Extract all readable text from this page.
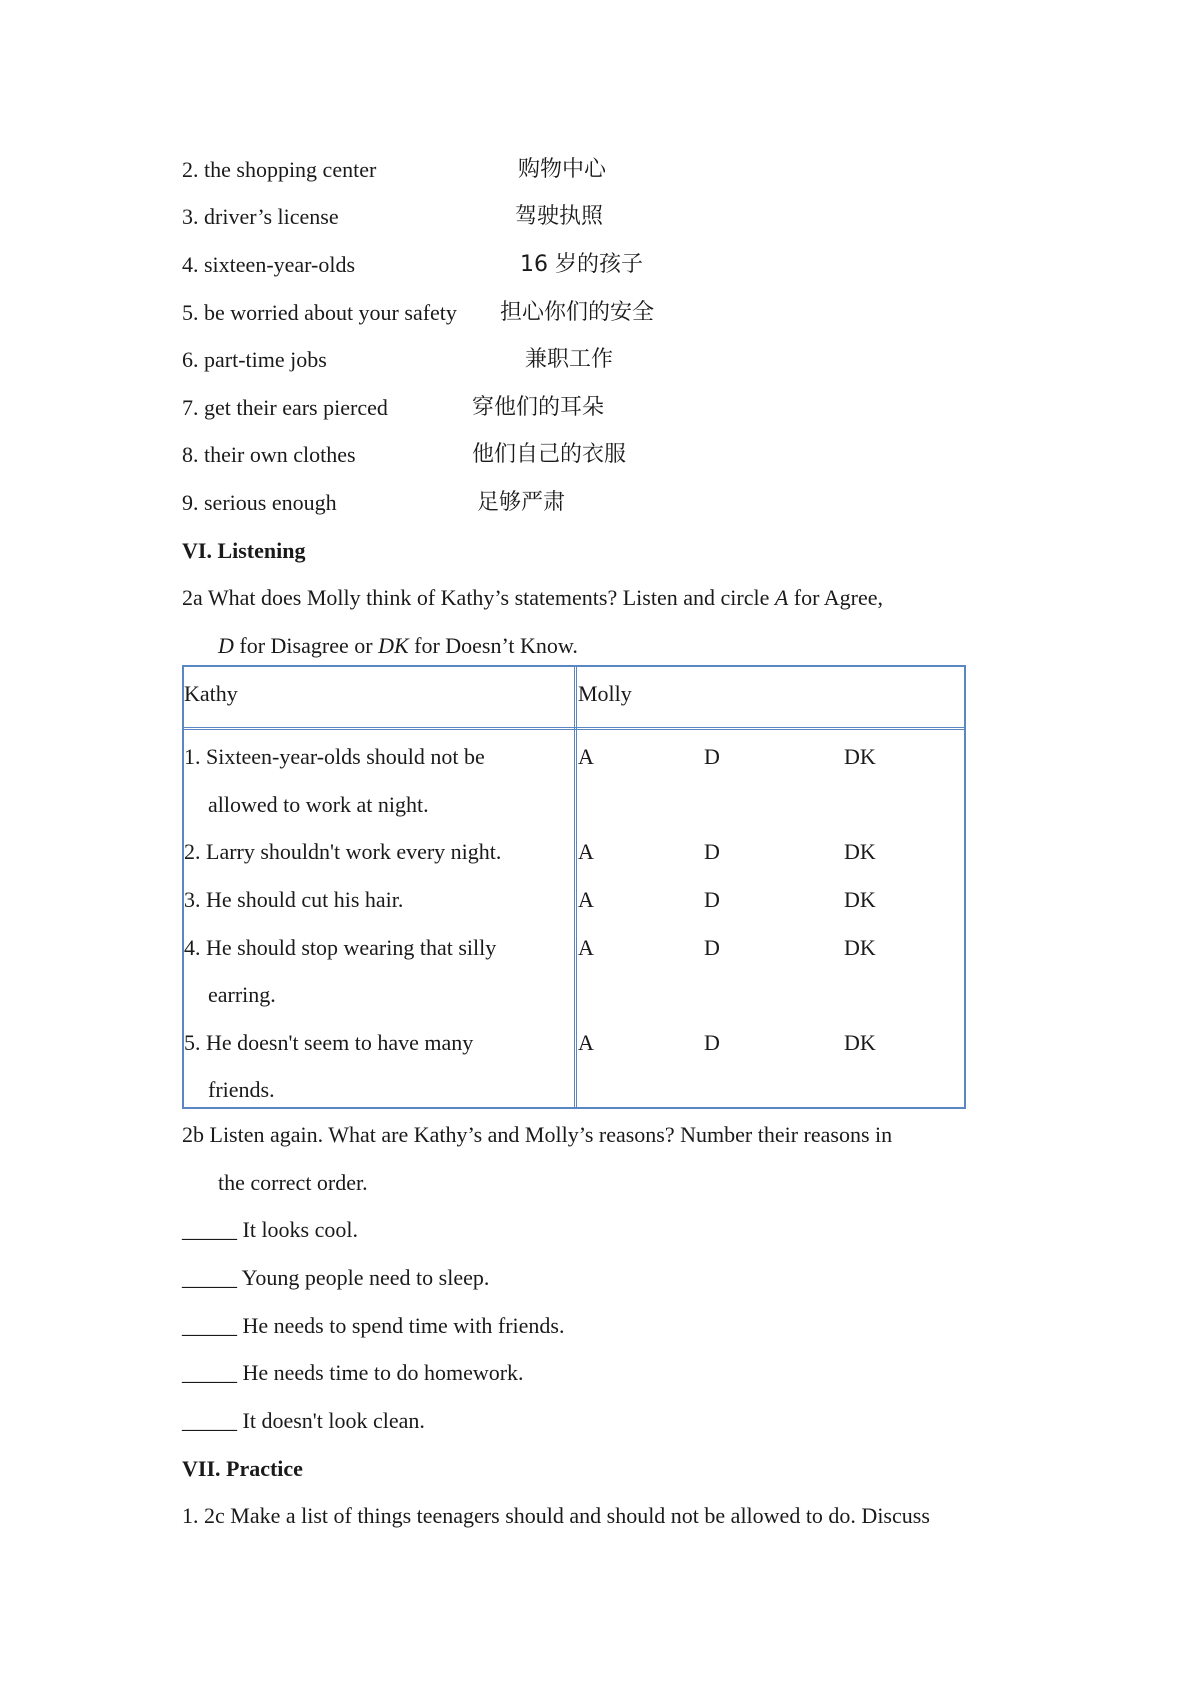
2. the shopping center	购物中心
3. driver’s license	驾驶执照
4. sixteen-year-olds	16 岁的孩子
5. be worried about your safety 担心你们的安全
6. part-time jobs	兼职工作
7. get their ears pierced	穿他们的耳朵
8. their own clothes	他们自己的衣服
9. serious enough	足够严肃
VI. Listening
2a What does Molly think of Kathy’s statements? Listen and circle A for Agree,
D for Disagree or DK for Doesn’t Know.
Kathy	Molly
1. Sixteen-year-olds should not be
allowed to work at night.
A	D	DK
2. Larry shouldn't work every night.	A	D	DK
3. He should cut his hair.	A	D	DK
4. He should stop wearing that silly
earring.
A	D	DK
5. He doesn't seem to have many
friends.
A	D	DK
2b Listen again. What are Kathy’s and Molly’s reasons? Number their reasons in
the correct order.
_____ It looks cool.
_____ Young people need to sleep.
_____ He needs to spend time with friends.
_____ He needs time to do homework.
_____ It doesn't look clean.
VII. Practice
1. 2c Make a list of things teenagers should and should not be allowed to do. Discuss
